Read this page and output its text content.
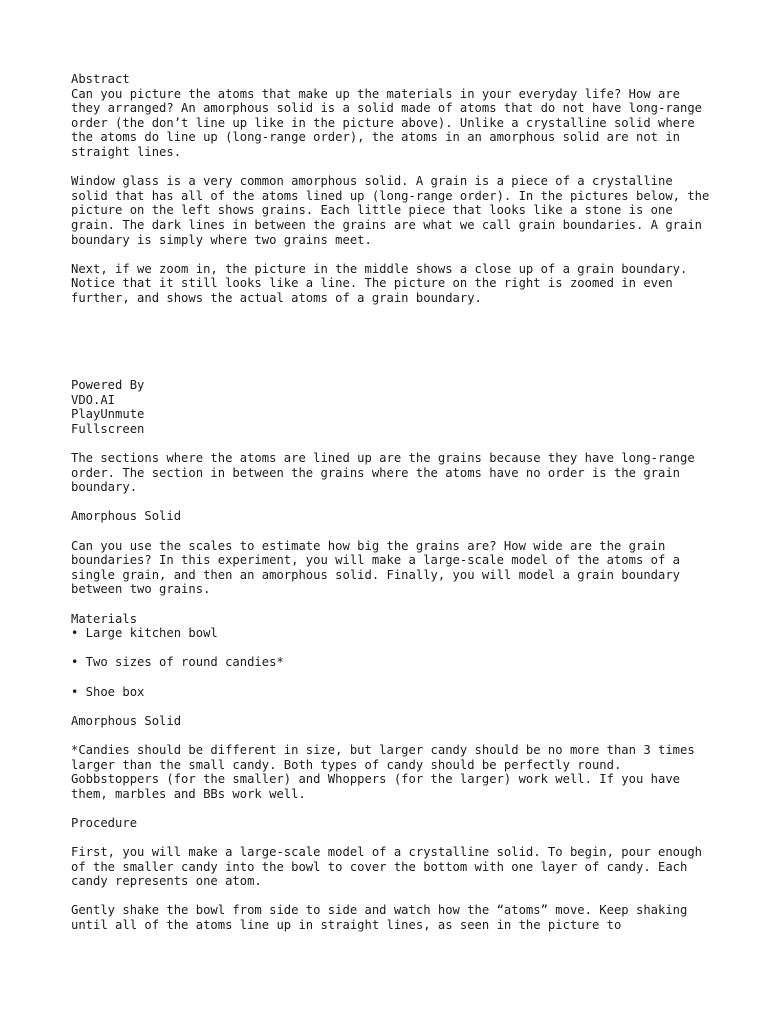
Abstract

Can you picture the atoms that make up the materials in your everyday life? How are they arranged? An amorphous solid is a solid made of atoms that do not have long-range order (the don’t line up like in the picture above). Unlike a crystalline solid where the atoms do line up (long-range order), the atoms in an amorphous solid are not in straight lines.

Window glass is a very common amorphous solid. A grain is a piece of a crystalline solid that has all of the atoms lined up (long-range order). In the pictures below, the picture on the left shows grains. Each little piece that looks like a stone is one grain. The dark lines in between the grains are what we call grain boundaries. A grain boundary is simply where two grains meet.

Next, if we zoom in, the picture in the middle shows a close up of a grain boundary. Notice that it still looks like a line. The picture on the right is zoomed in even further, and shows the actual atoms of a grain boundary.

Powered By
VDO.AI
PlayUnmute
Fullscreen

The sections where the atoms are lined up are the grains because they have long-range order. The section in between the grains where the atoms have no order is the grain boundary.

Amorphous Solid

Can you use the scales to estimate how big the grains are? How wide are the grain boundaries? In this experiment, you will make a large-scale model of the atoms of a single grain, and then an amorphous solid. Finally, you will model a grain boundary between two grains.

Materials

• Large kitchen bowl

• Two sizes of round candies*

• Shoe box

Amorphous Solid

*Candies should be different in size, but larger candy should be no more than 3 times larger than the small candy. Both types of candy should be perfectly round. Gobbstoppers (for the smaller) and Whoppers (for the larger) work well. If you have them, marbles and BBs work well.

Procedure

First, you will make a large-scale model of a crystalline solid. To begin, pour enough of the smaller candy into the bowl to cover the bottom with one layer of candy. Each candy represents one atom.

Gently shake the bowl from side to side and watch how the “atoms” move. Keep shaking until all of the atoms line up in straight lines, as seen in the picture to
